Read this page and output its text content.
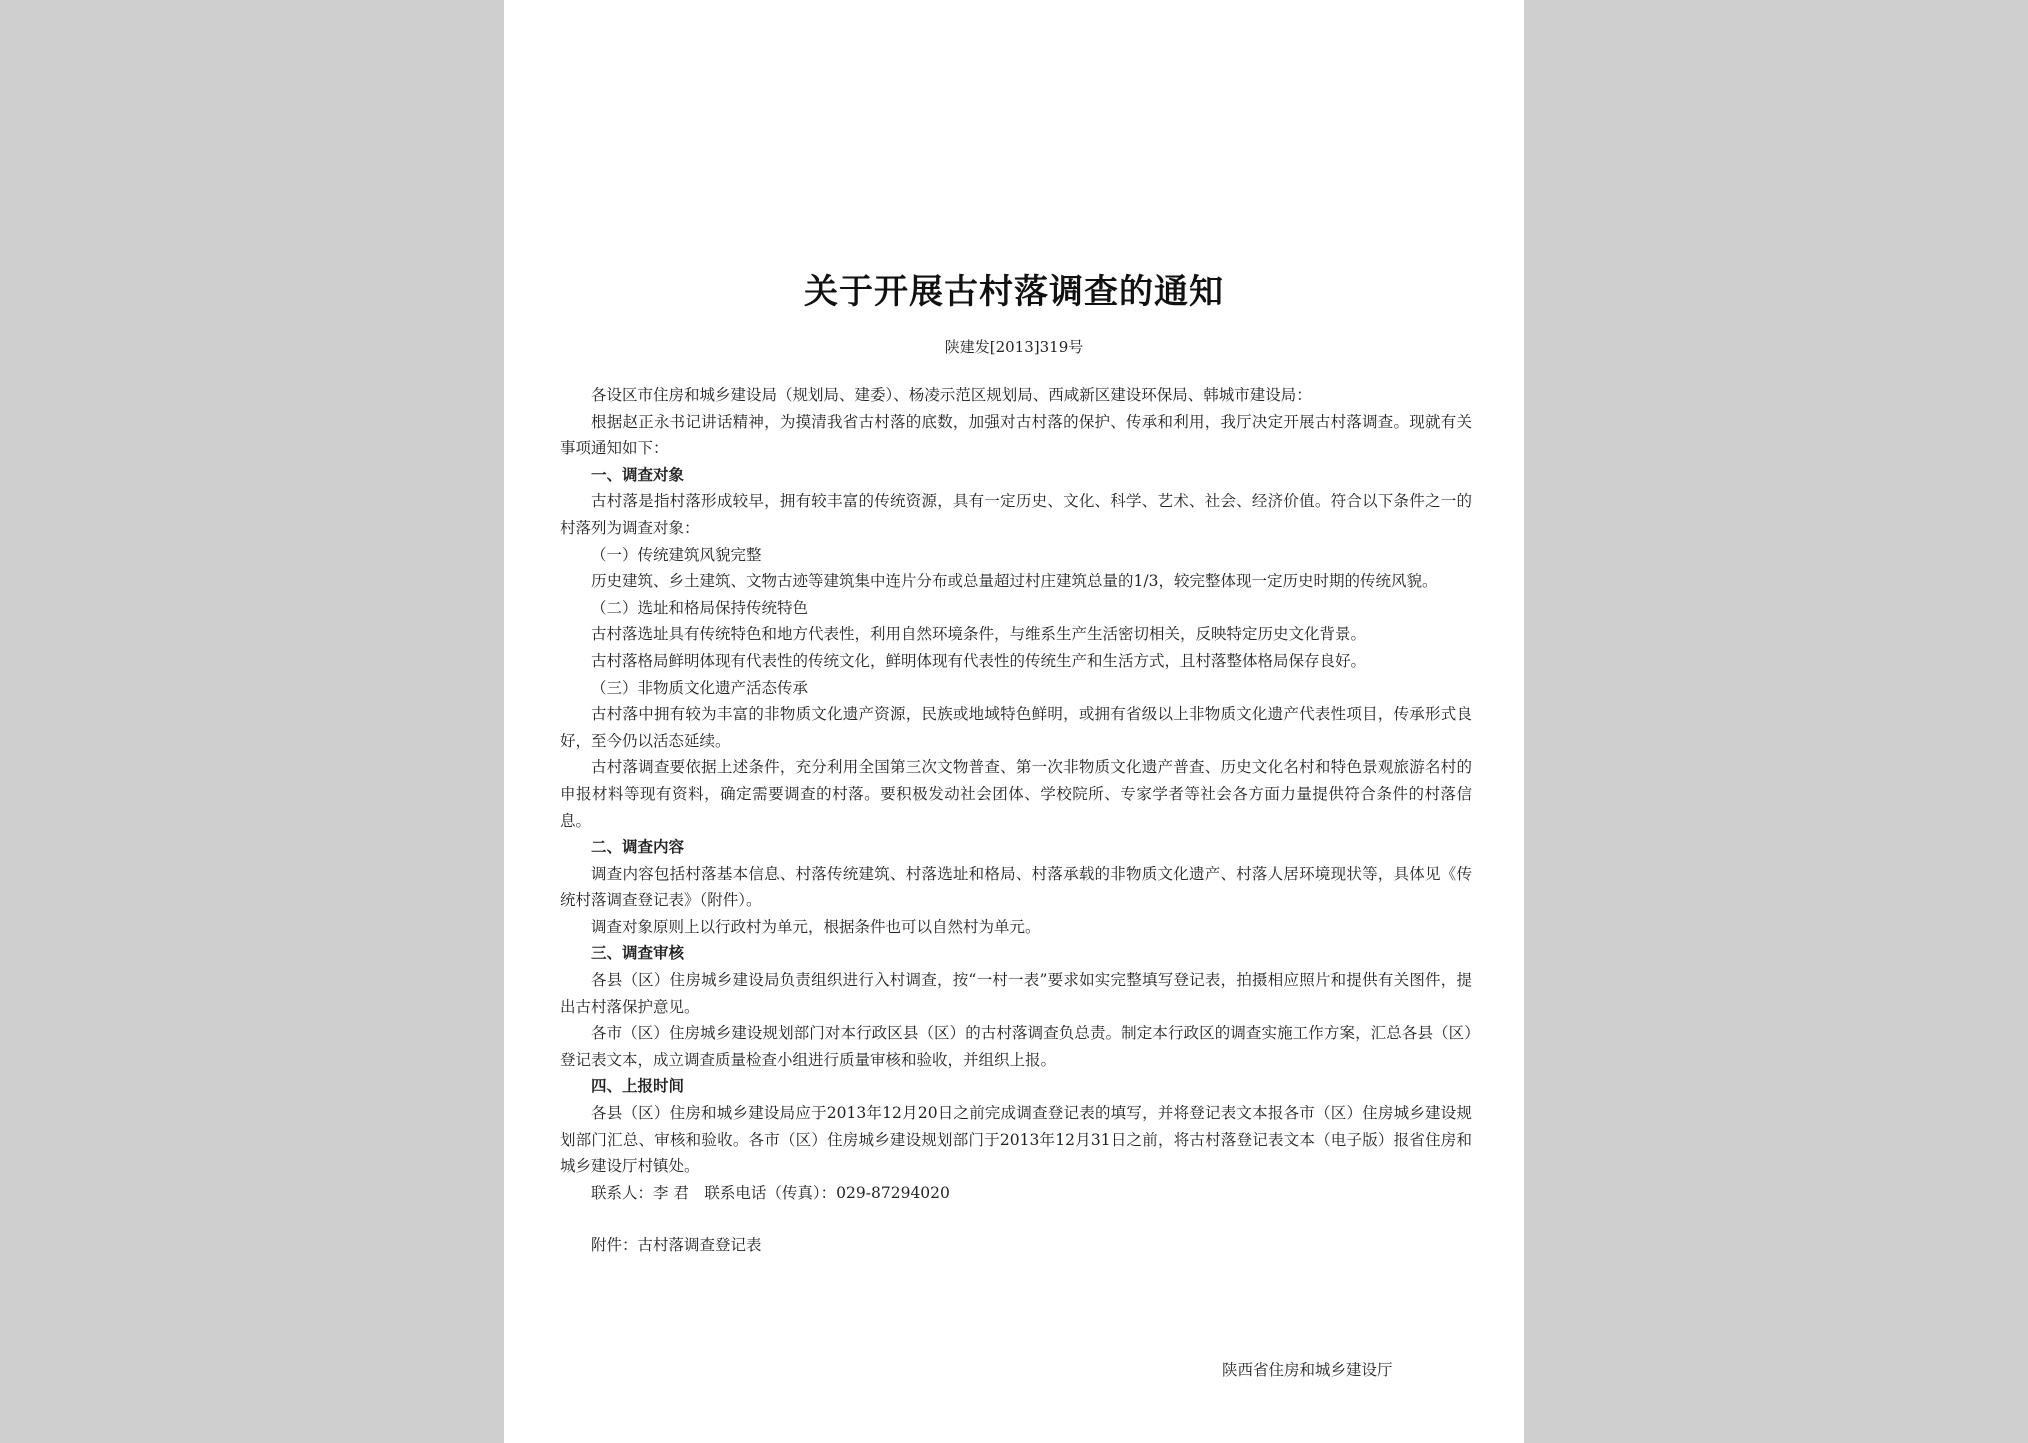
关于开展古村落调查的通知
陕建发[2013]319号

各设区市住房和城乡建设局（规划局、建委）、杨凌示范区规划局、西咸新区建设环保局、韩城市建设局：

根据赵正永书记讲话精神，为摸清我省古村落的底数，加强对古村落的保护、传承和利用，我厅决定开展古村落调查。现就有关事项通知如下：

一、调查对象

古村落是指村落形成较早，拥有较丰富的传统资源，具有一定历史、文化、科学、艺术、社会、经济价值。符合以下条件之一的村落列为调查对象：

（一）传统建筑风貌完整

历史建筑、乡土建筑、文物古迹等建筑集中连片分布或总量超过村庄建筑总量的1/3，较完整体现一定历史时期的传统风貌。

（二）选址和格局保持传统特色

古村落选址具有传统特色和地方代表性，利用自然环境条件，与维系生产生活密切相关，反映特定历史文化背景。

古村落格局鲜明体现有代表性的传统文化，鲜明体现有代表性的传统生产和生活方式，且村落整体格局保存良好。

（三）非物质文化遗产活态传承

古村落中拥有较为丰富的非物质文化遗产资源，民族或地域特色鲜明，或拥有省级以上非物质文化遗产代表性项目，传承形式良好，至今仍以活态延续。

古村落调查要依据上述条件，充分利用全国第三次文物普查、第一次非物质文化遗产普查、历史文化名村和特色景观旅游名村的申报材料等现有资料，确定需要调查的村落。要积极发动社会团体、学校院所、专家学者等社会各方面力量提供符合条件的村落信息。

二、调查内容

调查内容包括村落基本信息、村落传统建筑、村落选址和格局、村落承载的非物质文化遗产、村落人居环境现状等，具体见《传统村落调查登记表》（附件）。

调查对象原则上以行政村为单元，根据条件也可以自然村为单元。

三、调查审核

各县（区）住房城乡建设局负责组织进行入村调查，按“一村一表”要求如实完整填写登记表，拍摄相应照片和提供有关图件，提出古村落保护意见。

各市（区）住房城乡建设规划部门对本行政区县（区）的古村落调查负总责。制定本行政区的调查实施工作方案，汇总各县（区）登记表文本，成立调查质量检查小组进行质量审核和验收，并组织上报。

四、上报时间

各县（区）住房和城乡建设局应于2013年12月20日之前完成调查登记表的填写，并将登记表文本报各市（区）住房城乡建设规划部门汇总、审核和验收。各市（区）住房城乡建设规划部门于2013年12月31日之前，将古村落登记表文本（电子版）报省住房和城乡建设厅村镇处。

联系人：李 君　联系电话（传真）：029-87294020

附件：古村落调查登记表

陕西省住房和城乡建设厅
